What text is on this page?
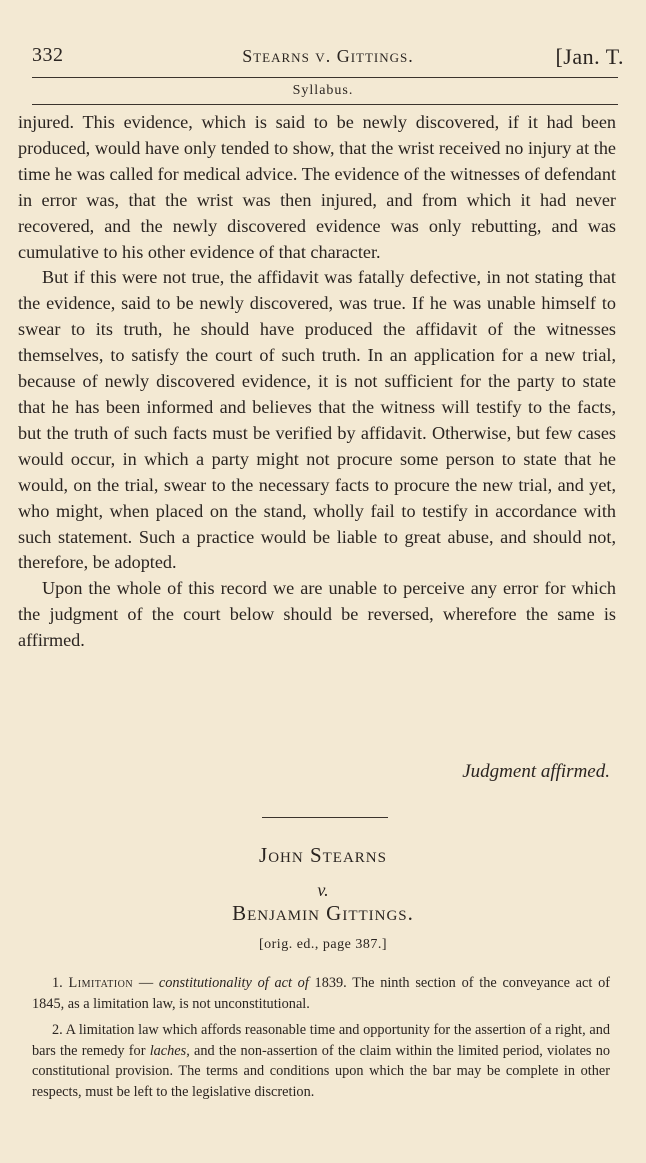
332	Stearns v. Gittings.	[Jan. T.
Syllabus.

injured. This evidence, which is said to be newly discovered, if it had been produced, would have only tended to show, that the wrist received no injury at the time he was called for medical advice. The evidence of the witnesses of defendant in error was, that the wrist was then injured, and from which it had never recovered, and the newly discovered evidence was only rebutting, and was cumulative to his other evidence of that character.

But if this were not true, the affidavit was fatally defective, in not stating that the evidence, said to be newly discovered, was true. If he was unable himself to swear to its truth, he should have produced the affidavit of the witnesses themselves, to satisfy the court of such truth. In an application for a new trial, because of newly discovered evidence, it is not sufficient for the party to state that he has been informed and believes that the witness will testify to the facts, but the truth of such facts must be verified by affidavit. Otherwise, but few cases would occur, in which a party might not procure some person to state that he would, on the trial, swear to the necessary facts to procure the new trial, and yet, who might, when placed on the stand, wholly fail to testify in accordance with such statement. Such a practice would be liable to great abuse, and should not, therefore, be adopted.

Upon the whole of this record we are unable to perceive any error for which the judgment of the court below should be reversed, wherefore the same is affirmed.

Judgment affirmed.
John Stearns
v.
Benjamin Gittings.
[orig. ed., page 387.]

1. Limitation — constitutionality of act of 1839. The ninth section of the conveyance act of 1845, as a limitation law, is not unconstitutional.

2. A limitation law which affords reasonable time and opportunity for the assertion of a right, and bars the remedy for laches, and the non-assertion of the claim within the limited period, violates no constitutional provision. The terms and conditions upon which the bar may be complete in other respects, must be left to the legislative discretion.
